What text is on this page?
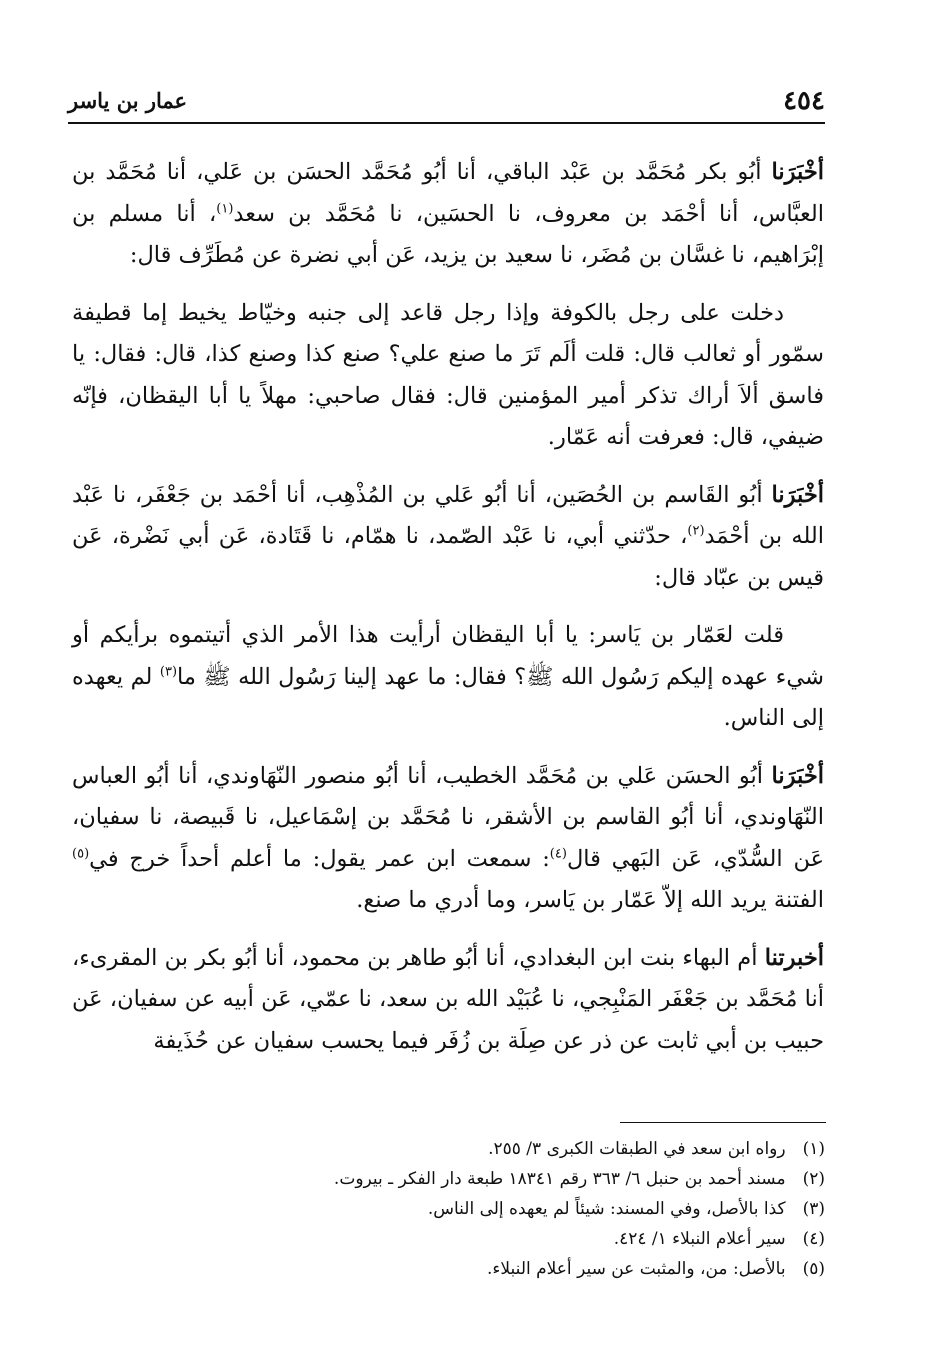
٤٥٤
عمار بن ياسر

أخْبَرَنا أبُو بكر مُحَمَّد بن عَبْد الباقي، أنا أبُو مُحَمَّد الحسَن بن عَلي، أنا مُحَمَّد بن العبَّاس، أنا أحْمَد بن معروف، نا الحسَين، نا مُحَمَّد بن سعد$^{(١)}$، أنا مسلم بن إبْرَاهيم، نا غسَّان بن مُضَر، نا سعيد بن يزيد، عَن أبي نضرة عن مُطَرِّف قال:

دخلت على رجل بالكوفة وإذا رجل قاعد إلى جنبه وخيّاط يخيط إما قطيفة سمّور أو ثعالب قال: قلت ألَم تَرَ ما صنع علي؟ صنع كذا وصنع كذا، قال: فقال: يا فاسق ألاَ أراك تذكر أمير المؤمنين قال: فقال صاحبي: مهلاً يا أبا اليقظان، فإنّه ضيفي، قال: فعرفت أنه عَمّار.

أخْبَرَنا أبُو القَاسم بن الحُصَين، أنا أبُو عَلي بن المُذْهِب، أنا أحْمَد بن جَعْفَر، نا عَبْد الله بن أحْمَد$^{(٢)}$، حدّثني أبي، نا عَبْد الصّمد، نا همّام، نا قَتَادة، عَن أبي نَضْرة، عَن قيس بن عبّاد قال:

قلت لعَمّار بن يَاسر: يا أبا اليقظان أرأيت هذا الأمر الذي أتيتموه برأيكم أو شيء عهده إليكم رَسُول الله ﷺ؟ فقال: ما عهد إلينا رَسُول الله ﷺ ما$^{(٣)}$ لم يعهده إلى الناس.

أخْبَرَنا أبُو الحسَن عَلي بن مُحَمَّد الخطيب، أنا أبُو منصور النّهَاوندي، أنا أبُو العباس النّهَاوندي، أنا أبُو القاسم بن الأشقر، نا مُحَمَّد بن إسْمَاعيل، نا قَبيصة، نا سفيان، عَن السُّدّي، عَن البَهي قال$^{(٤)}$: سمعت ابن عمر يقول: ما أعلم أحداً خرج في$^{(٥)}$ الفتنة يريد الله إلاّ عَمّار بن يَاسر، وما أدري ما صنع.

أخبرتنا أم البهاء بنت ابن البغدادي، أنا أبُو طاهر بن محمود، أنا أبُو بكر بن المقرىء، أنا مُحَمَّد بن جَعْفَر المَنْبِجي، نا عُبَيْد الله بن سعد، نا عمّي، عَن أبيه عن سفيان، عَن حبيب بن أبي ثابت عن ذر عن صِلَة بن زُفَر فيما يحسب سفيان عن حُذَيفة

(١) رواه ابن سعد في الطبقات الكبرى ٣/ ٢٥٥.

(٢) مسند أحمد بن حنبل ٦/ ٣٦٣ رقم ١٨٣٤١ طبعة دار الفكر ـ بيروت.

(٣) كذا بالأصل، وفي المسند: شيئاً لم يعهده إلى الناس.

(٤) سير أعلام النبلاء ١/ ٤٢٤.

(٥) بالأصل: من، والمثبت عن سير أعلام النبلاء.
